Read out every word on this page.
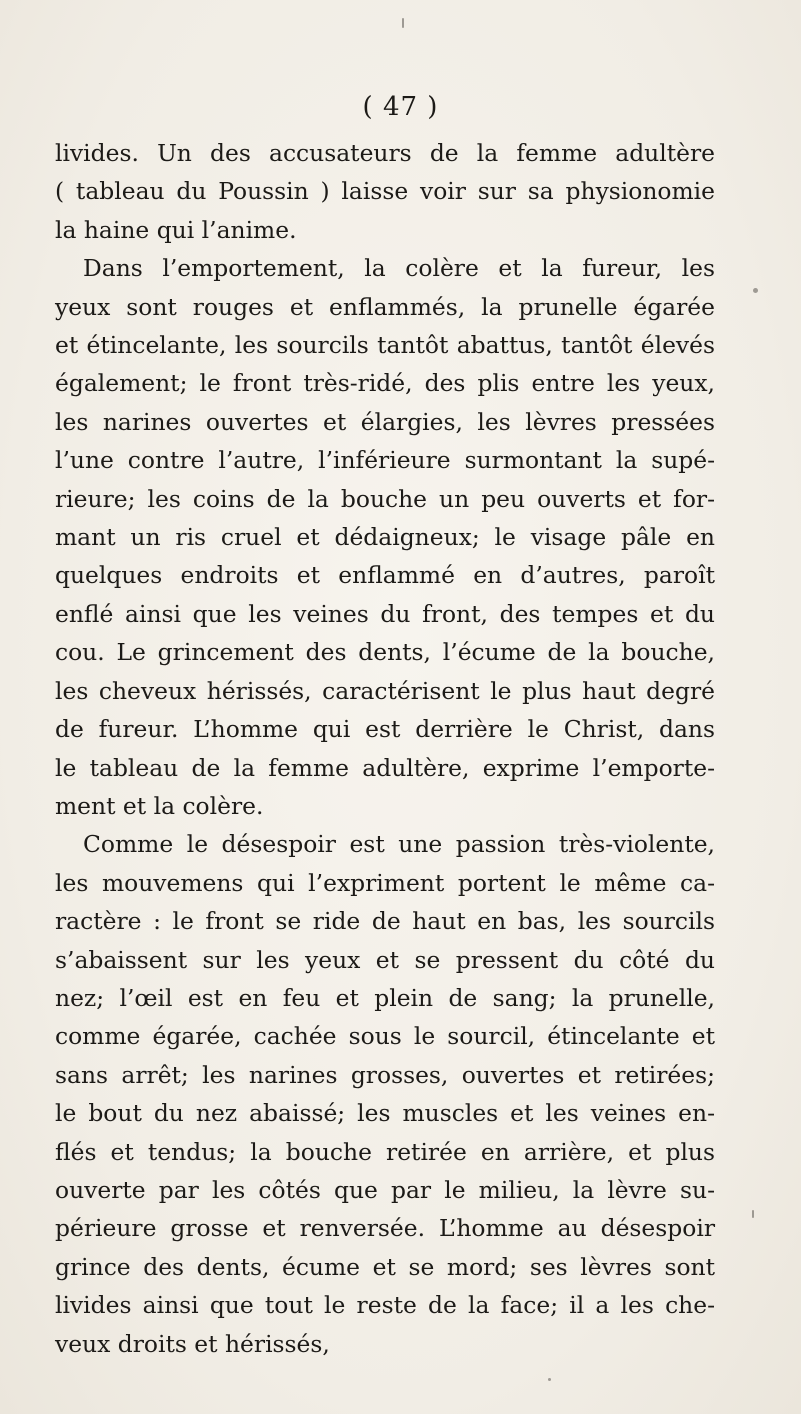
( 47 )
livides. Un des accusateurs de la femme adultère
( tableau du Poussin ) laisse voir sur sa physionomie
la haine qui l’anime.
Dans l’emportement, la colère et la fureur, les
yeux sont rouges et enflammés, la prunelle égarée
et étincelante, les sourcils tantôt abattus, tantôt élevés
également; le front très-ridé, des plis entre les yeux,
les narines ouvertes et élargies, les lèvres pressées
l’une contre l’autre, l’inférieure surmontant la supé-
rieure; les coins de la bouche un peu ouverts et for-
mant un ris cruel et dédaigneux; le visage pâle en
quelques endroits et enflammé en d’autres, paroît
enflé ainsi que les veines du front, des tempes et du
cou. Le grincement des dents, l’écume de la bouche,
les cheveux hérissés, caractérisent le plus haut degré
de fureur. L’homme qui est derrière le Christ, dans
le tableau de la femme adultère, exprime l’emporte-
ment et la colère.
Comme le désespoir est une passion très-violente,
les mouvemens qui l’expriment portent le même ca-
ractère : le front se ride de haut en bas, les sourcils
s’abaissent sur les yeux et se pressent du côté du
nez; l’œil est en feu et plein de sang; la prunelle,
comme égarée, cachée sous le sourcil, étincelante et
sans arrêt; les narines grosses, ouvertes et retirées;
le bout du nez abaissé; les muscles et les veines en-
flés et tendus; la bouche retirée en arrière, et plus
ouverte par les côtés que par le milieu, la lèvre su-
périeure grosse et renversée. L’homme au désespoir
grince des dents, écume et se mord; ses lèvres sont
livides ainsi que tout le reste de la face; il a les che-
veux droits et hérissés,
